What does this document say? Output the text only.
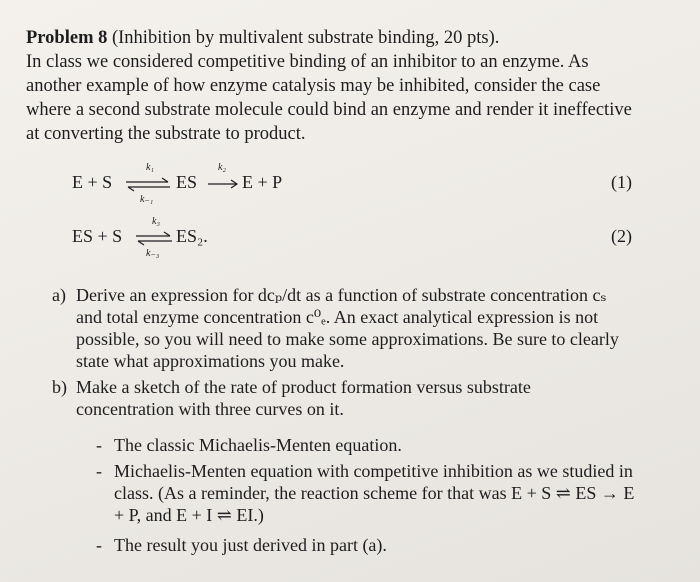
Problem 8 (Inhibition by multivalent substrate binding, 20 pts).
In class we considered competitive binding of an inhibitor to an enzyme. As another example of how enzyme catalysis may be inhibited, consider the case where a second substrate molecule could bind an enzyme and render it ineffective at converting the substrate to product.
E + S
k₁
k₋₁
ES
k₂
E + P	(1)
ES + S
k₃
k₋₃
ES₂.	(2)
a) Derive an expression for dcₚ/dt as a function of substrate concentration cₛ and total enzyme concentration c⁰ₑ. An exact analytical expression is not possible, so you will need to make some approximations. Be sure to clearly state what approximations you make.
b) Make a sketch of the rate of product formation versus substrate concentration with three curves on it.
- The classic Michaelis-Menten equation.
- Michaelis-Menten equation with competitive inhibition as we studied in class. (As a reminder, the reaction scheme for that was E + S ⇌ ES → E + P, and E + I ⇌ EI.)
- The result you just derived in part (a).
